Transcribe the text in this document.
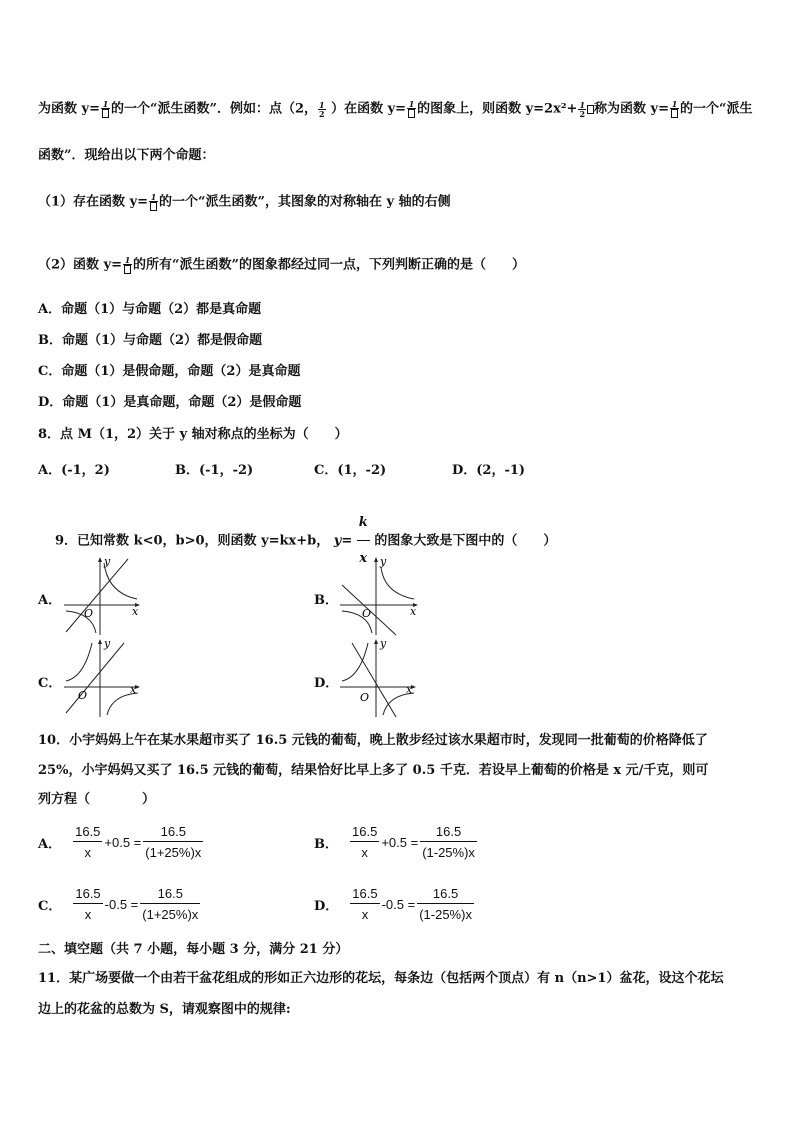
为函数 y= 1 的一个“派生函数”．例如：点（2， $\frac{1}{2}$ ）在函数 y= 1 的图象上，则函数 $y=2x^2+ \frac{1}{2}$ 称为函数 y= 1 的一个“派生
函数”．现给出以下两个命题：
（1）存在函数 y= 1 的一个“派生函数”，其图象的对称轴在 y 轴的右侧
（2）函数 y= 1 的所有“派生函数”的图象都经过同一点，下列判断正确的是（　　）
A．命题（1）与命题（2）都是真命题
B．命题（1）与命题（2）都是假命题
C．命题（1）是假命题，命题（2）是真命题
D．命题（1）是真命题，命题（2）是假命题
8．点 M（1，2）关于 y 轴对称点的坐标为（　　）
A．(-1，2)	B．(-1，-2)	C．(1，-2)	D．(2，-1)
9．已知常数 k<0，b>0，则函数 y=kx+b， $y= \frac{k}{x}$ 的图象大致是下图中的（　　）
A．
y
x
O
B．
y
x
O
C．
y
x
O
D．
y
x
O
10．小宇妈妈上午在某水果超市买了 16.5 元钱的葡萄，晚上散步经过该水果超市时，发现同一批葡萄的价格降低了
25%，小宇妈妈又买了 16.5 元钱的葡萄，结果恰好比早上多了 0.5 千克．若设早上葡萄的价格是 x 元/千克，则可
列方程（　　　　）
A． $\frac{16.5}{x} +0.5 = \frac{16.5}{(1+25\%)x}$	B． $\frac{16.5}{x} +0.5 = \frac{16.5}{(1-25\%)x}$
C． $\frac{16.5}{x} -0.5 = \frac{16.5}{(1+25\%)x}$	D． $\frac{16.5}{x} -0.5 = \frac{16.5}{(1-25\%)x}$
二、填空题（共 7 小题，每小题 3 分，满分 21 分）
11．某广场要做一个由若干盆花组成的形如正六边形的花坛，每条边（包括两个顶点）有 n（n>1）盆花，设这个花坛
边上的花盆的总数为 S，请观察图中的规律:
